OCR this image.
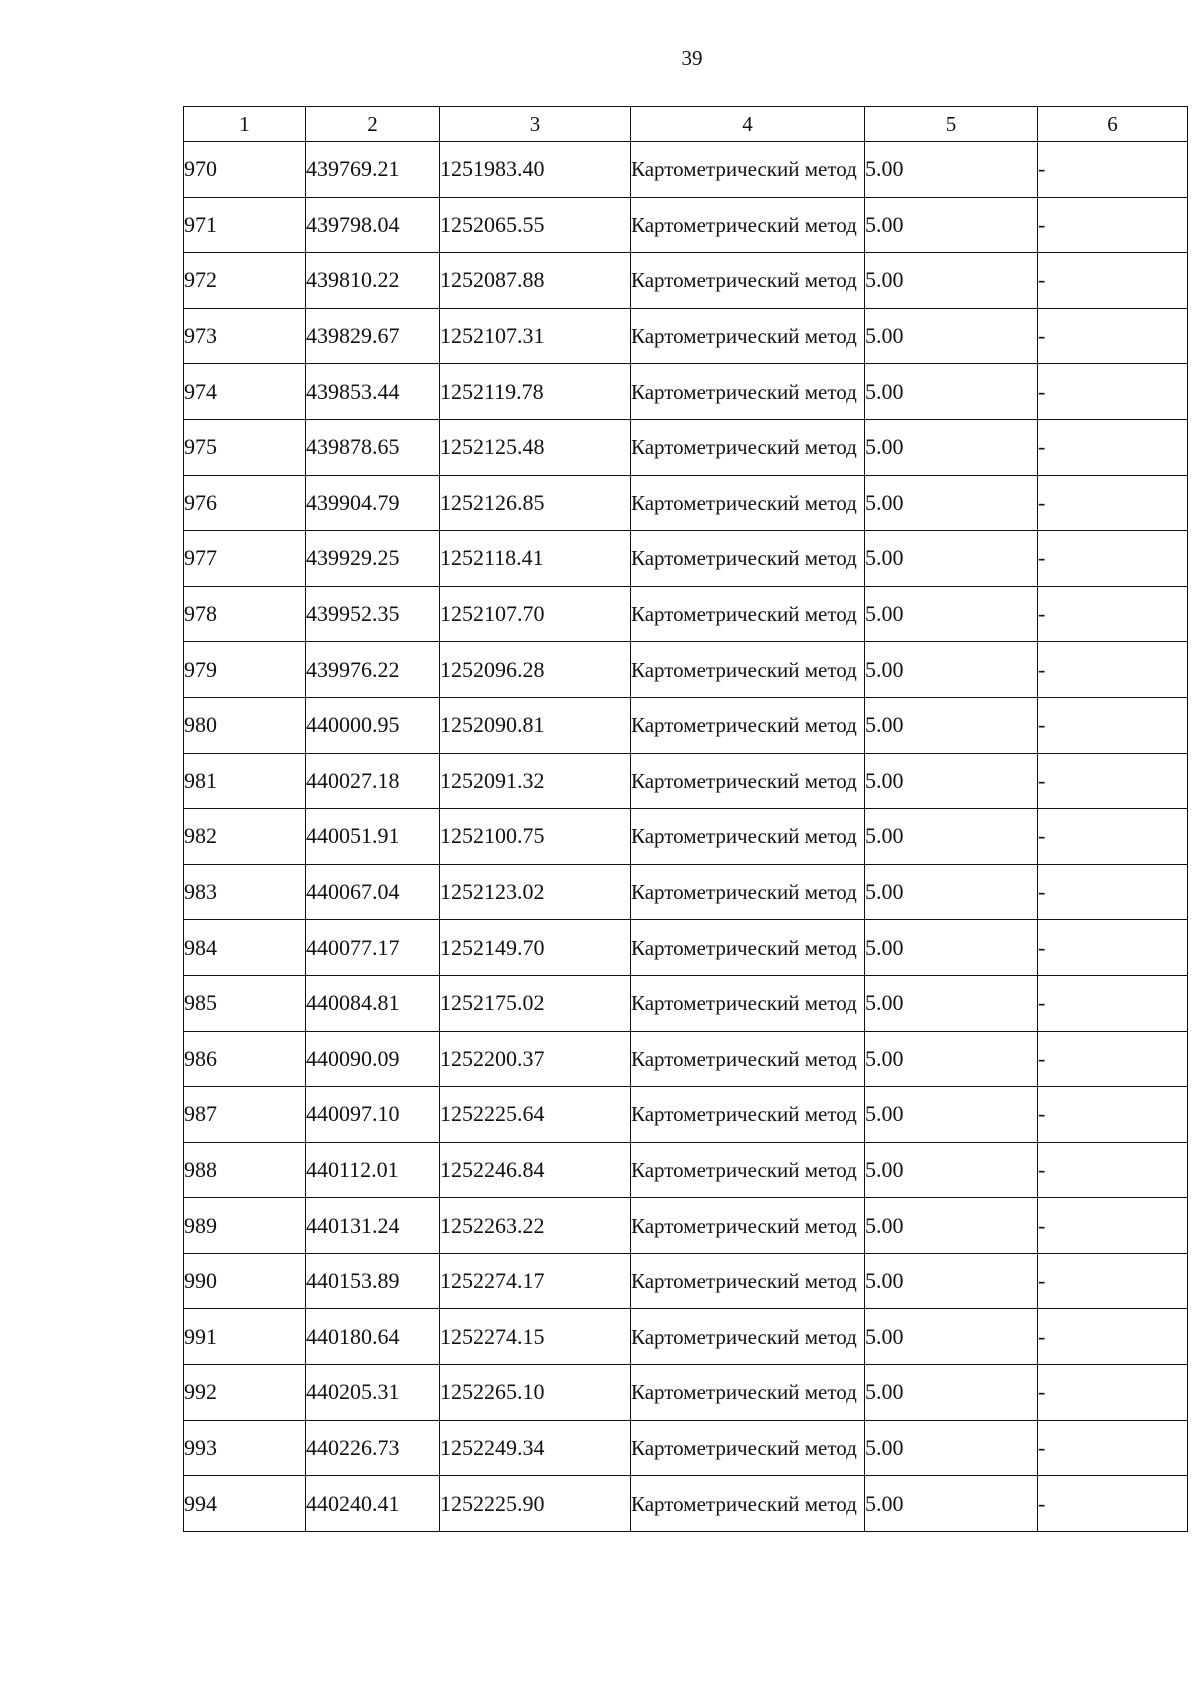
39
1	2	3	4	5	6
970	439769.21	1251983.40	Картометрический метод	5.00	-
971	439798.04	1252065.55	Картометрический метод	5.00	-
972	439810.22	1252087.88	Картометрический метод	5.00	-
973	439829.67	1252107.31	Картометрический метод	5.00	-
974	439853.44	1252119.78	Картометрический метод	5.00	-
975	439878.65	1252125.48	Картометрический метод	5.00	-
976	439904.79	1252126.85	Картометрический метод	5.00	-
977	439929.25	1252118.41	Картометрический метод	5.00	-
978	439952.35	1252107.70	Картометрический метод	5.00	-
979	439976.22	1252096.28	Картометрический метод	5.00	-
980	440000.95	1252090.81	Картометрический метод	5.00	-
981	440027.18	1252091.32	Картометрический метод	5.00	-
982	440051.91	1252100.75	Картометрический метод	5.00	-
983	440067.04	1252123.02	Картометрический метод	5.00	-
984	440077.17	1252149.70	Картометрический метод	5.00	-
985	440084.81	1252175.02	Картометрический метод	5.00	-
986	440090.09	1252200.37	Картометрический метод	5.00	-
987	440097.10	1252225.64	Картометрический метод	5.00	-
988	440112.01	1252246.84	Картометрический метод	5.00	-
989	440131.24	1252263.22	Картометрический метод	5.00	-
990	440153.89	1252274.17	Картометрический метод	5.00	-
991	440180.64	1252274.15	Картометрический метод	5.00	-
992	440205.31	1252265.10	Картометрический метод	5.00	-
993	440226.73	1252249.34	Картометрический метод	5.00	-
994	440240.41	1252225.90	Картометрический метод	5.00	-
